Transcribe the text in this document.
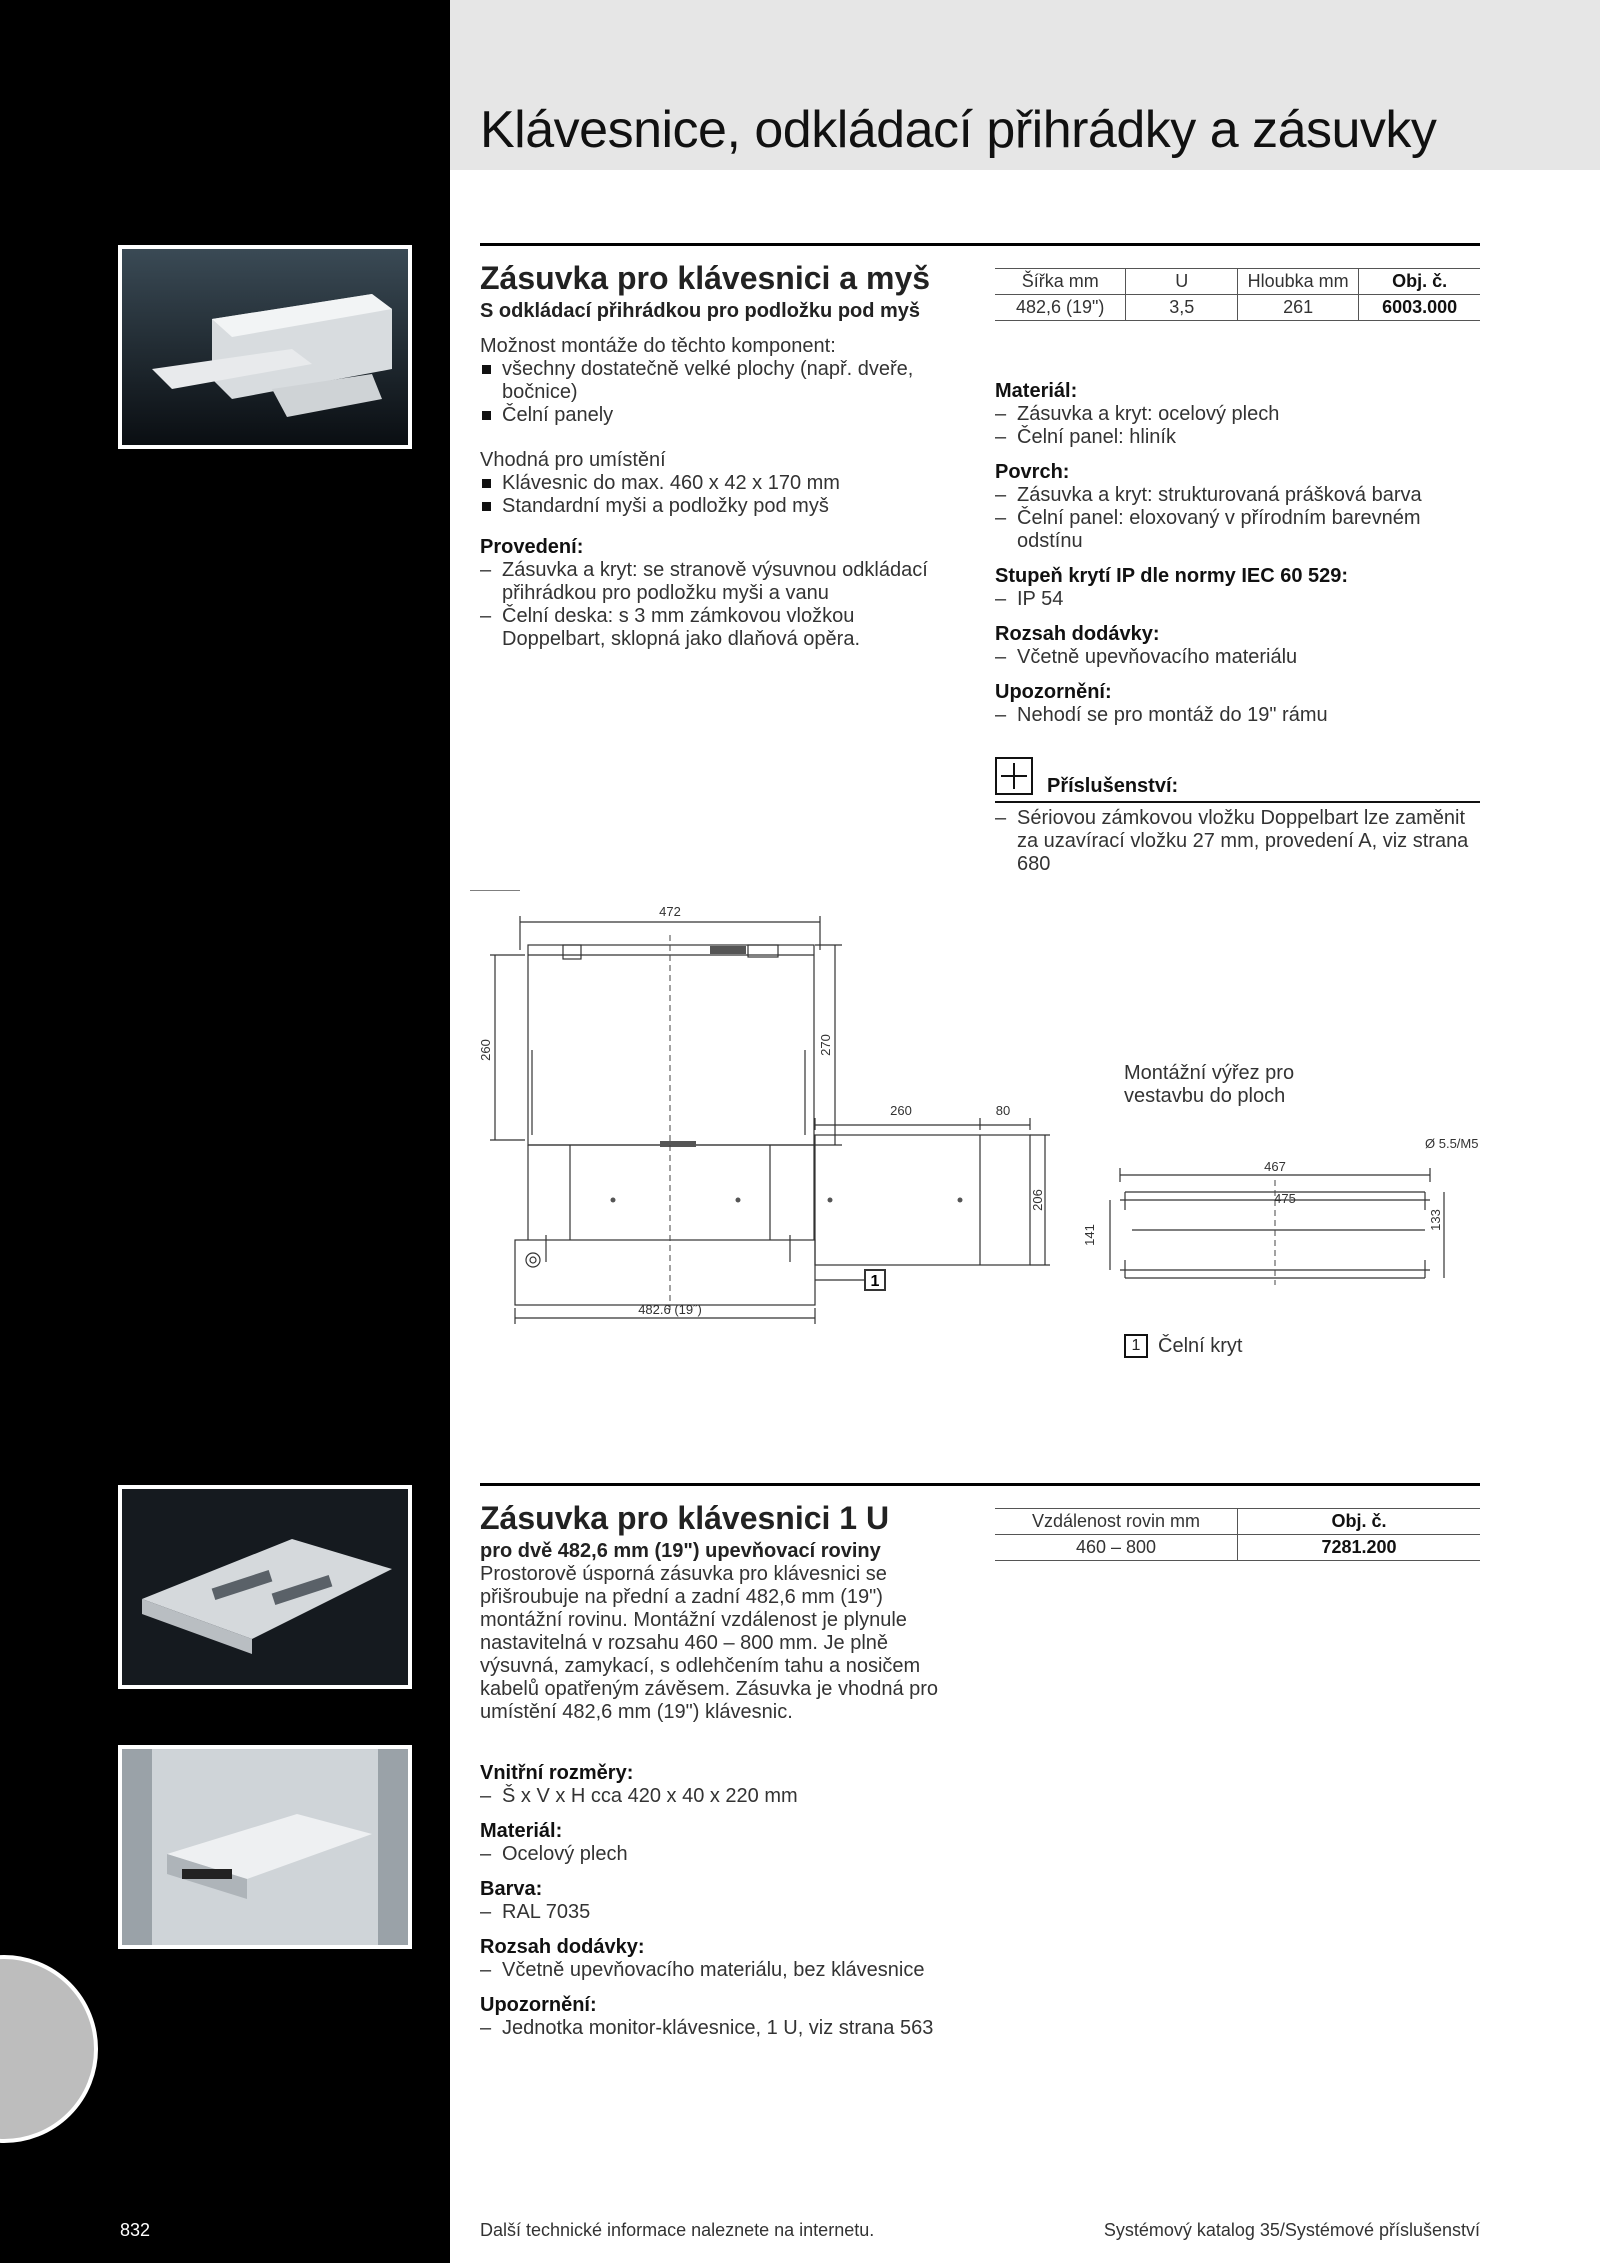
Klávesnice, odkládací přihrádky a zásuvky
Zásuvka pro klávesnici a myš
S odkládací přihrádkou pro podložku pod myš
Možnost montáže do těchto komponent:
všechny dostatečně velké plochy (např. dveře, bočnice)
Čelní panely
Vhodná pro umístění
Klávesnic do max. 460 x 42 x 170 mm
Standardní myši a podložky pod myš
Provedení:
– Zásuvka a kryt: se stranově výsuvnou odkládací přihrádkou pro podložku myši a vanu
– Čelní deska: s 3 mm zámkovou vložkou Doppelbart, sklopná jako dlaňová opěra.
Šířka mm	U	Hloubka mm	Obj. č.
482,6 (19")	3,5	261	6003.000
Materiál:
– Zásuvka a kryt: ocelový plech
– Čelní panel: hliník
Povrch:
– Zásuvka a kryt: strukturovaná prášková barva
– Čelní panel: eloxovaný v přírodním barevném odstínu
Stupeň krytí IP dle normy IEC 60 529:
– IP 54
Rozsah dodávky:
– Včetně upevňovacího materiálu
Upozornění:
– Nehodí se pro montáž do 19" rámu
Příslušenství:
– Sériovou zámkovou vložku Doppelbart lze zaměnit za uzavírací vložku 27 mm, provedení A, viz strana 680
472
260	270
260	80
206
482.6 (19˝)
1
467
Ø 5.5/M5
475
141
133
Montážní výřez pro vestavbu do ploch
1 Čelní kryt
Zásuvka pro klávesnici 1 U
pro dvě 482,6 mm (19") upevňovací roviny
Prostorově úsporná zásuvka pro klávesnici se přišroubuje na přední a zadní 482,6 mm (19") montážní rovinu. Montážní vzdálenost je plynule nastavitelná v rozsahu 460 – 800 mm. Je plně výsuvná, zamykací, s odlehčením tahu a nosičem kabelů opatřeným závěsem. Zásuvka je vhodná pro umístění 482,6 mm (19") klávesnic.
Vnitřní rozměry:
– Š x V x H cca 420 x 40 x 220 mm
Materiál:
– Ocelový plech
Barva:
– RAL 7035
Rozsah dodávky:
– Včetně upevňovacího materiálu, bez klávesnice
Upozornění:
– Jednotka monitor-klávesnice, 1 U, viz strana 563
Vzdálenost rovin mm	Obj. č.
460 – 800	7281.200
832	Další technické informace naleznete na internetu.	Systémový katalog 35/Systémové příslušenství
